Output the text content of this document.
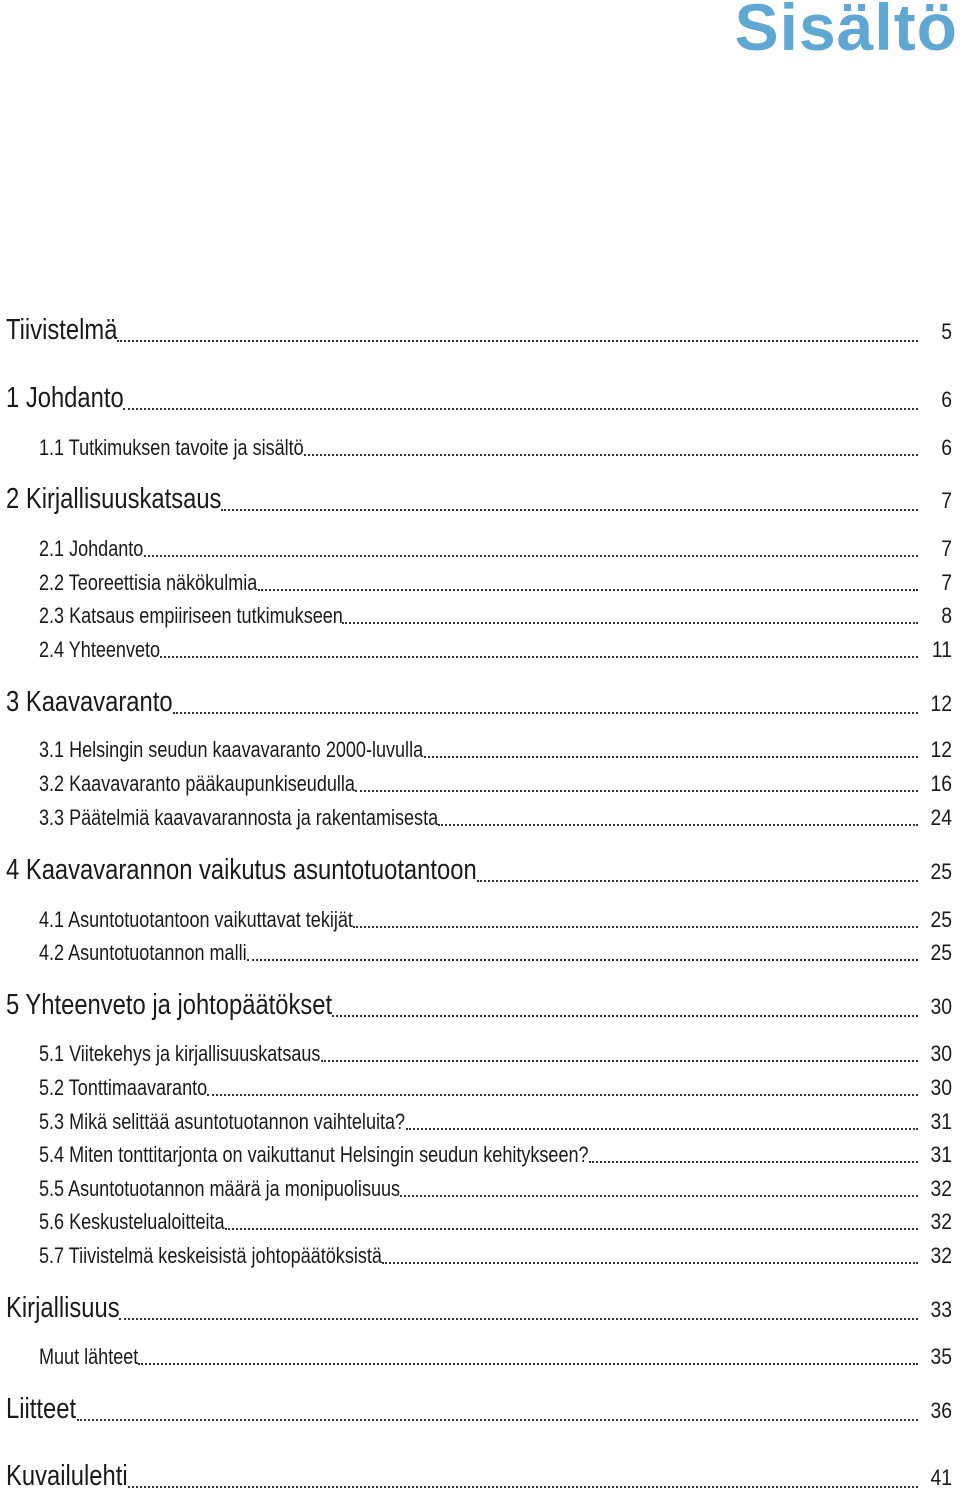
Sisältö
Tiivistelmä	5
1 Johdanto	6
1.1 Tutkimuksen tavoite ja sisältö	6
2 Kirjallisuuskatsaus	7
2.1 Johdanto	7
2.2 Teoreettisia näkökulmia	7
2.3 Katsaus empiiriseen tutkimukseen	8
2.4 Yhteenveto	11
3 Kaavavaranto	12
3.1 Helsingin seudun kaavavaranto 2000-luvulla	12
3.2 Kaavavaranto pääkaupunkiseudulla	16
3.3 Päätelmiä kaavavarannosta ja rakentamisesta	24
4 Kaavavarannon vaikutus asuntotuotantoon	25
4.1 Asuntotuotantoon vaikuttavat tekijät	25
4.2 Asuntotuotannon malli	25
5 Yhteenveto ja johtopäätökset	30
5.1 Viitekehys ja kirjallisuuskatsaus	30
5.2 Tonttimaavaranto	30
5.3 Mikä selittää asuntotuotannon vaihteluita?	31
5.4 Miten tonttitarjonta on vaikuttanut Helsingin seudun kehitykseen?	31
5.5 Asuntotuotannon määrä ja monipuolisuus	32
5.6 Keskustelualoitteita	32
5.7 Tiivistelmä keskeisistä johtopäätöksistä	32
Kirjallisuus	33
Muut lähteet	35
Liitteet	36
Kuvailulehti	41
